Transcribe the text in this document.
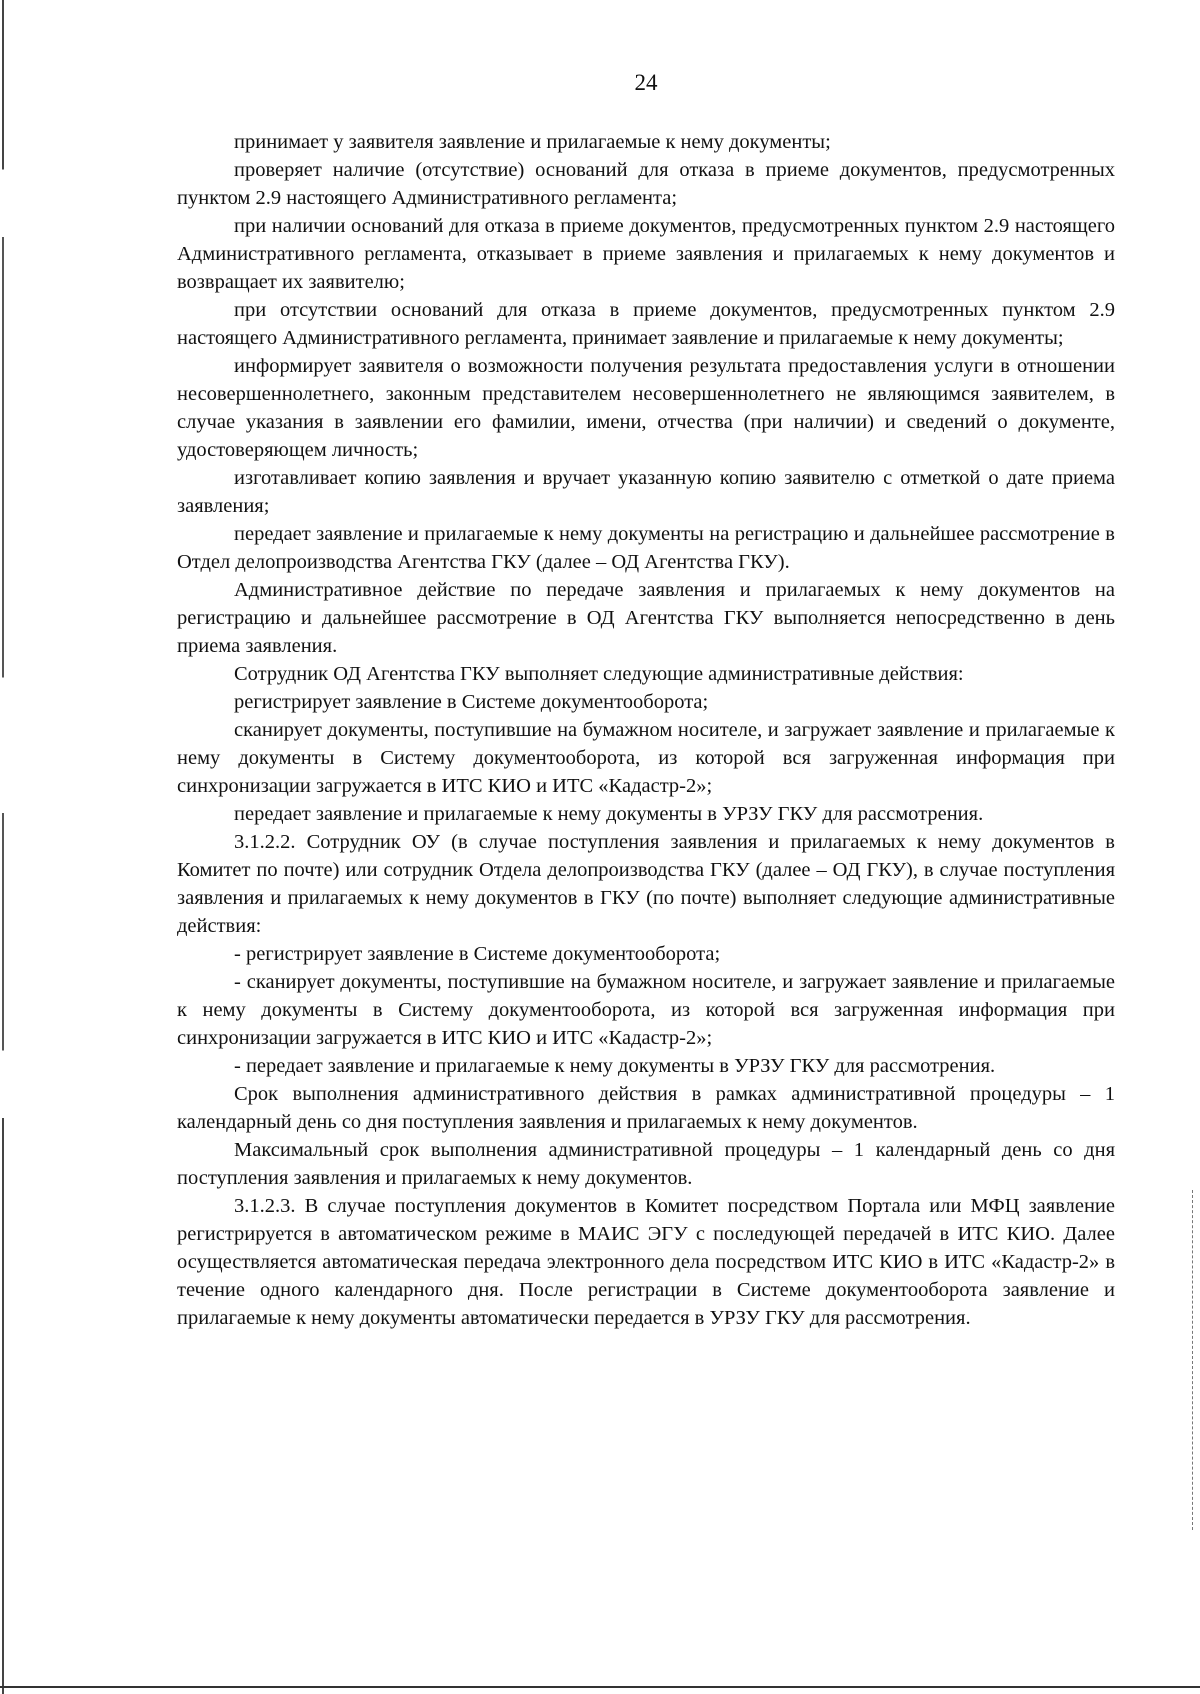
24

принимает у заявителя заявление и прилагаемые к нему документы;

проверяет наличие (отсутствие) оснований для отказа в приеме документов, предусмотренных пунктом 2.9 настоящего Административного регламента;

при наличии оснований для отказа в приеме документов, предусмотренных пунктом 2.9 настоящего Административного регламента, отказывает в приеме заявления и прилагаемых к нему документов и возвращает их заявителю;

при отсутствии оснований для отказа в приеме документов, предусмотренных пунктом 2.9 настоящего Административного регламента, принимает заявление и прилагаемые к нему документы;

информирует заявителя о возможности получения результата предоставления услуги в отношении несовершеннолетнего, законным представителем несовершеннолетнего не являющимся заявителем, в случае указания в заявлении его фамилии, имени, отчества (при наличии) и сведений о документе, удостоверяющем личность;

изготавливает копию заявления и вручает указанную копию заявителю с отметкой о дате приема заявления;

передает заявление и прилагаемые к нему документы на регистрацию и дальнейшее рассмотрение в Отдел делопроизводства Агентства ГКУ (далее – ОД Агентства ГКУ).

Административное действие по передаче заявления и прилагаемых к нему документов на регистрацию и дальнейшее рассмотрение в ОД Агентства ГКУ выполняется непосредственно в день приема заявления.

Сотрудник ОД Агентства ГКУ выполняет следующие административные действия:

регистрирует заявление в Системе документооборота;

сканирует документы, поступившие на бумажном носителе, и загружает заявление и прилагаемые к нему документы в Систему документооборота, из которой вся загруженная информация при синхронизации загружается в ИТС КИО и ИТС «Кадастр-2»;

передает заявление и прилагаемые к нему документы в УРЗУ ГКУ для рассмотрения.

3.1.2.2. Сотрудник ОУ (в случае поступления заявления и прилагаемых к нему документов в Комитет по почте) или сотрудник Отдела делопроизводства ГКУ (далее – ОД ГКУ), в случае поступления заявления и прилагаемых к нему документов в ГКУ (по почте) выполняет следующие административные действия:

- регистрирует заявление в Системе документооборота;

- сканирует документы, поступившие на бумажном носителе, и загружает заявление и прилагаемые к нему документы в Систему документооборота, из которой вся загруженная информация при синхронизации загружается в ИТС КИО и ИТС «Кадастр-2»;

- передает заявление и прилагаемые к нему документы в УРЗУ ГКУ для рассмотрения.

Срок выполнения административного действия в рамках административной процедуры – 1 календарный день со дня поступления заявления и прилагаемых к нему документов.

Максимальный срок выполнения административной процедуры – 1 календарный день со дня поступления заявления и прилагаемых к нему документов.

3.1.2.3. В случае поступления документов в Комитет посредством Портала или МФЦ заявление регистрируется в автоматическом режиме в МАИС ЭГУ с последующей передачей в ИТС КИО. Далее осуществляется автоматическая передача электронного дела посредством ИТС КИО в ИТС «Кадастр-2» в течение одного календарного дня. После регистрации в Системе документооборота заявление и прилагаемые к нему документы автоматически передается в УРЗУ ГКУ для рассмотрения.
